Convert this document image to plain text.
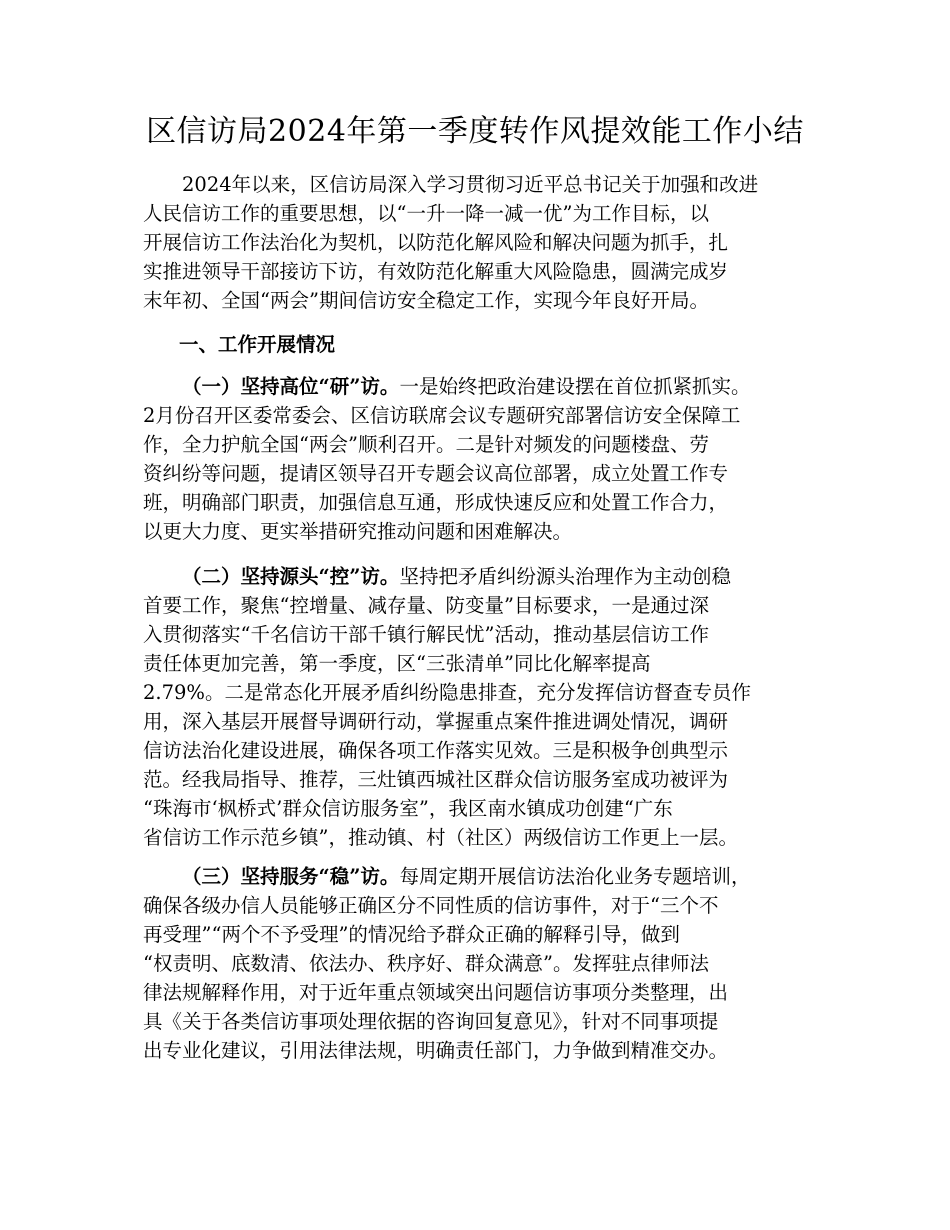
区信访局2024年第一季度转作风提效能工作小结
2024年以来，区信访局深入学习贯彻习近平总书记关于加强和改进
人民信访工作的重要思想，以“一升一降一减一优”为工作目标，以
开展信访工作法治化为契机，以防范化解风险和解决问题为抓手，扎
实推进领导干部接访下访，有效防范化解重大风险隐患，圆满完成岁
末年初、全国“两会”期间信访安全稳定工作，实现今年良好开局。
一、工作开展情况
（一）坚持高位“研”访。一是始终把政治建设摆在首位抓紧抓实。
2月份召开区委常委会、区信访联席会议专题研究部署信访安全保障工
作，全力护航全国“两会”顺利召开。二是针对频发的问题楼盘、劳
资纠纷等问题，提请区领导召开专题会议高位部署，成立处置工作专
班，明确部门职责，加强信息互通，形成快速反应和处置工作合力，
以更大力度、更实举措研究推动问题和困难解决。
（二）坚持源头“控”访。坚持把矛盾纠纷源头治理作为主动创稳
首要工作，聚焦“控增量、减存量、防变量”目标要求，一是通过深
入贯彻落实“千名信访干部千镇行解民忧”活动，推动基层信访工作
责任体更加完善，第一季度，区“三张清单”同比化解率提高
2.79%。二是常态化开展矛盾纠纷隐患排查，充分发挥信访督查专员作
用，深入基层开展督导调研行动，掌握重点案件推进调处情况，调研
信访法治化建设进展，确保各项工作落实见效。三是积极争创典型示
范。经我局指导、推荐，三灶镇西城社区群众信访服务室成功被评为
“珠海市‘枫桥式’群众信访服务室”，我区南水镇成功创建“广东
省信访工作示范乡镇”，推动镇、村（社区）两级信访工作更上一层。
（三）坚持服务“稳”访。每周定期开展信访法治化业务专题培训，
确保各级办信人员能够正确区分不同性质的信访事件，对于“三个不
再受理”“两个不予受理”的情况给予群众正确的解释引导，做到
“权责明、底数清、依法办、秩序好、群众满意”。发挥驻点律师法
律法规解释作用，对于近年重点领域突出问题信访事项分类整理，出
具《关于各类信访事项处理依据的咨询回复意见》，针对不同事项提
出专业化建议，引用法律法规，明确责任部门，力争做到精准交办。
